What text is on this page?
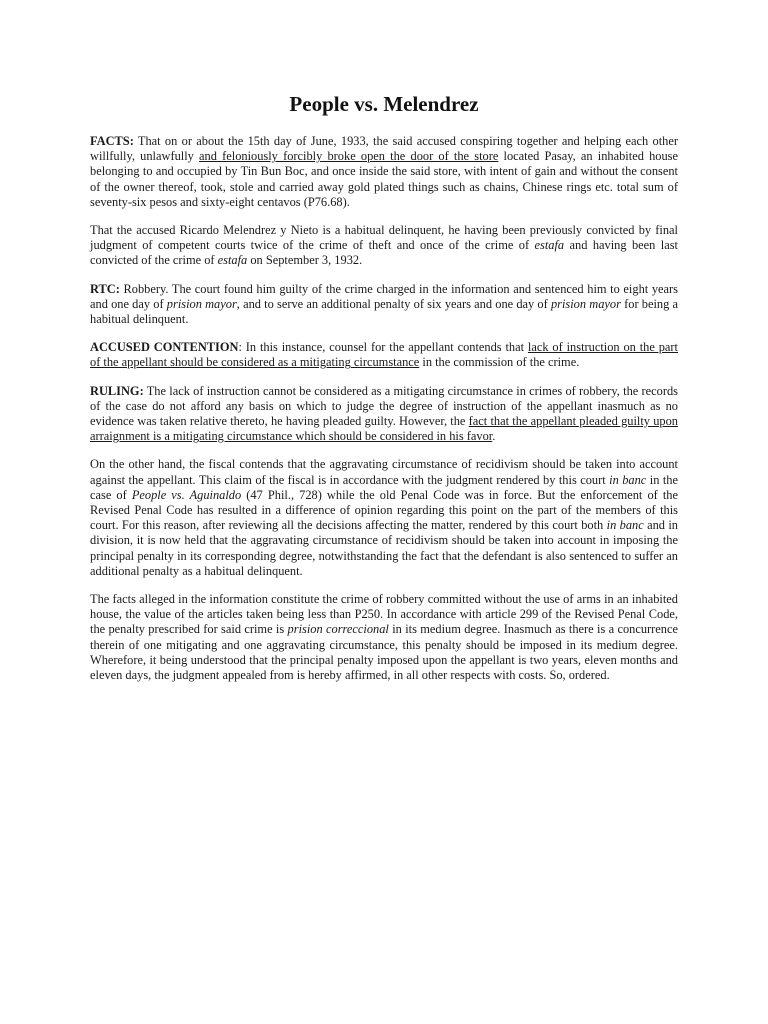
People vs. Melendrez

FACTS: That on or about the 15th day of June, 1933, the said accused conspiring together and helping each other willfully, unlawfully and feloniously forcibly broke open the door of the store located Pasay, an inhabited house belonging to and occupied by Tin Bun Boc, and once inside the said store, with intent of gain and without the consent of the owner thereof, took, stole and carried away gold plated things such as chains, Chinese rings etc. total sum of seventy-six pesos and sixty-eight centavos (P76.68).

That the accused Ricardo Melendrez y Nieto is a habitual delinquent, he having been previously convicted by final judgment of competent courts twice of the crime of theft and once of the crime of estafa and having been last convicted of the crime of estafa on September 3, 1932.

RTC: Robbery. The court found him guilty of the crime charged in the information and sentenced him to eight years and one day of prision mayor, and to serve an additional penalty of six years and one day of prision mayor for being a habitual delinquent.

ACCUSED CONTENTION: In this instance, counsel for the appellant contends that lack of instruction on the part of the appellant should be considered as a mitigating circumstance in the commission of the crime.

RULING: The lack of instruction cannot be considered as a mitigating circumstance in crimes of robbery, the records of the case do not afford any basis on which to judge the degree of instruction of the appellant inasmuch as no evidence was taken relative thereto, he having pleaded guilty. However, the fact that the appellant pleaded guilty upon arraignment is a mitigating circumstance which should be considered in his favor.

On the other hand, the fiscal contends that the aggravating circumstance of recidivism should be taken into account against the appellant. This claim of the fiscal is in accordance with the judgment rendered by this court in banc in the case of People vs. Aguinaldo (47 Phil., 728) while the old Penal Code was in force. But the enforcement of the Revised Penal Code has resulted in a difference of opinion regarding this point on the part of the members of this court. For this reason, after reviewing all the decisions affecting the matter, rendered by this court both in banc and in division, it is now held that the aggravating circumstance of recidivism should be taken into account in imposing the principal penalty in its corresponding degree, notwithstanding the fact that the defendant is also sentenced to suffer an additional penalty as a habitual delinquent.

The facts alleged in the information constitute the crime of robbery committed without the use of arms in an inhabited house, the value of the articles taken being less than P250. In accordance with article 299 of the Revised Penal Code, the penalty prescribed for said crime is prision correccional in its medium degree. Inasmuch as there is a concurrence therein of one mitigating and one aggravating circumstance, this penalty should be imposed in its medium degree. Wherefore, it being understood that the principal penalty imposed upon the appellant is two years, eleven months and eleven days, the judgment appealed from is hereby affirmed, in all other respects with costs. So, ordered.
